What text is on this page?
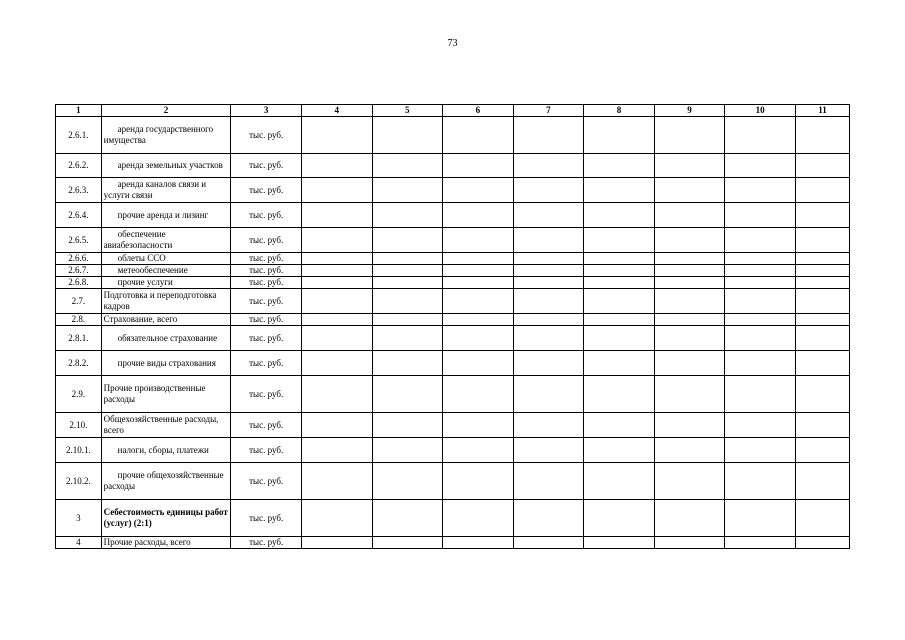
73
1	2	3	4	5	6	7	8	9	10	11
2.6.1.	аренда государственного имущества	тыс. руб.								
2.6.2.	аренда земельных участков	тыс. руб.								
2.6.3.	аренда каналов связи и услуги связи	тыс. руб.								
2.6.4.	прочие аренда и лизинг	тыс. руб.								
2.6.5.	обеспечение авиабезопасности	тыс. руб.								
2.6.6.	облеты ССО	тыс. руб.								
2.6.7.	метеообеспечение	тыс. руб.								
2.6.8.	прочие услуги	тыс. руб.								
2.7.	Подготовка и переподготовка кадров	тыс. руб.								
2.8.	Страхование, всего	тыс. руб.								
2.8.1.	обязательное страхование	тыс. руб.								
2.8.2.	прочие виды страхования	тыс. руб.								
2.9.	Прочие производственные расходы	тыс. руб.								
2.10.	Общехозяйственные расходы, всего	тыс. руб.								
2.10.1.	налоги, сборы, платежи	тыс. руб.								
2.10.2.	прочие общехозяйственные расходы	тыс. руб.								
3	Себестоимость единицы работ (услуг) (2:1)	тыс. руб.								
4	Прочие расходы, всего	тыс. руб.								
